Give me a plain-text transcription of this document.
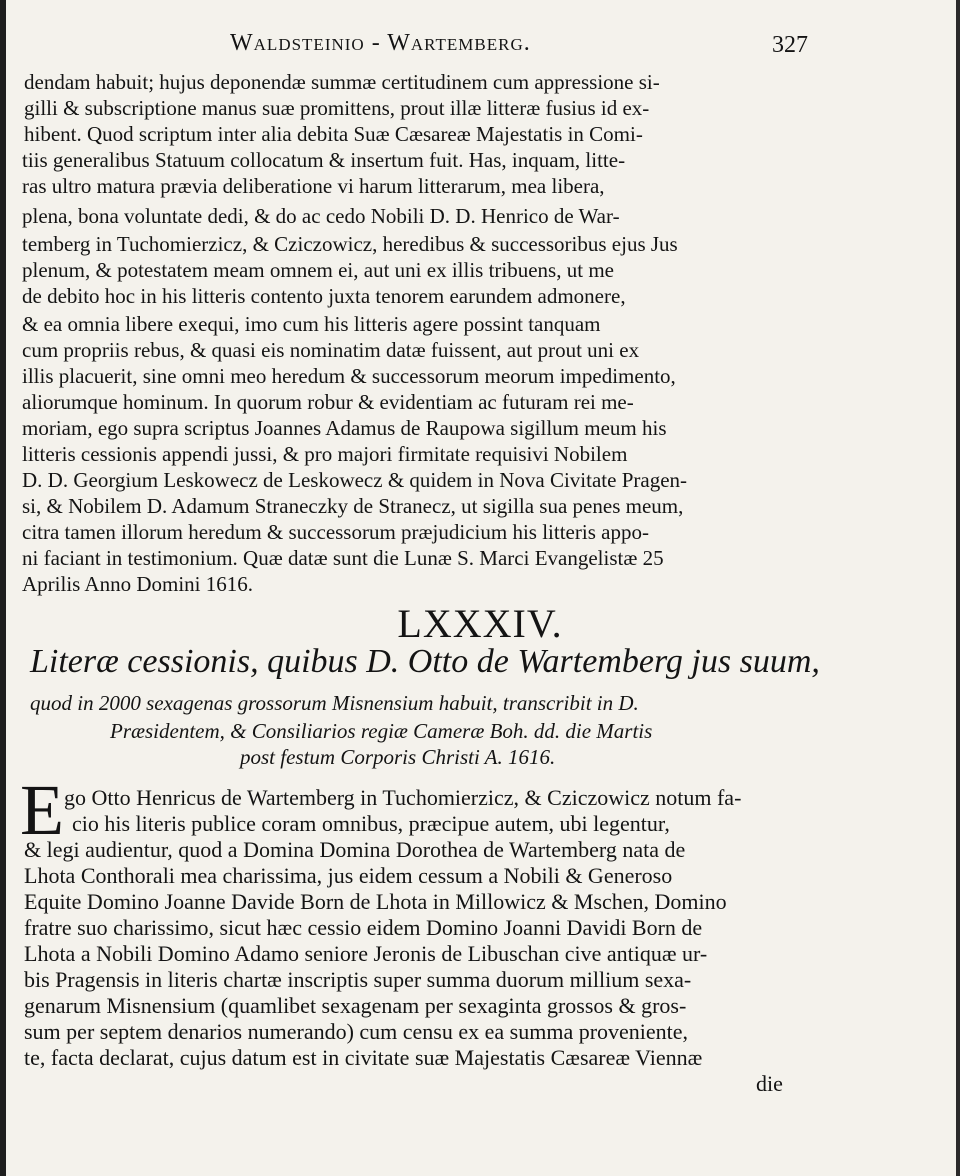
Waldsteinio - Wartemberg.	327
dendam habuit; hujus deponendæ summæ certitudinem cum appressione si-
gilli & subscriptione manus suæ promittens, prout illæ litteræ fusius id ex-
hibent. Quod scriptum inter alia debita Suæ Cæsareæ Majestatis in Comi-
tiis generalibus Statuum collocatum & insertum fuit. Has, inquam, litte-
ras ultro matura prævia deliberatione vi harum litterarum, mea libera,
plena, bona voluntate dedi, & do ac cedo Nobili D. D. Henrico de War-
temberg in Tuchomierzicz, & Cziczowicz, heredibus & successoribus ejus Jus
plenum, & potestatem meam omnem ei, aut uni ex illis tribuens, ut me
de debito hoc in his litteris contento juxta tenorem earundem admonere,
& ea omnia libere exequi, imo cum his litteris agere possint tanquam
cum propriis rebus, & quasi eis nominatim datæ fuissent, aut prout uni ex
illis placuerit, sine omni meo heredum & successorum meorum impedimento,
aliorumque hominum. In quorum robur & evidentiam ac futuram rei me-
moriam, ego supra scriptus Joannes Adamus de Raupowa sigillum meum his
litteris cessionis appendi jussi, & pro majori firmitate requisivi Nobilem
D. D. Georgium Leskowecz de Leskowecz & quidem in Nova Civitate Pragen-
si, & Nobilem D. Adamum Straneczky de Stranecz, ut sigilla sua penes meum,
citra tamen illorum heredum & successorum præjudicium his litteris appo-
ni faciant in testimonium. Quæ datæ sunt die Lunæ S. Marci Evangelistæ 25
Aprilis Anno Domini 1616.
LXXXIV.
Literæ cessionis, quibus D. Otto de Wartemberg jus suum,
quod in 2000 sexagenas grossorum Misnensium habuit, transcribit in D.
Præsidentem, & Consiliarios regiæ Cameræ Boh. dd. die Martis
post festum Corporis Christi A. 1616.
E go Otto Henricus de Wartemberg in Tuchomierzicz, & Cziczowicz notum fa-
cio his literis publice coram omnibus, præcipue autem, ubi legentur,
& legi audientur, quod a Domina Domina Dorothea de Wartemberg nata de
Lhota Conthorali mea charissima, jus eidem cessum a Nobili & Generoso
Equite Domino Joanne Davide Born de Lhota in Millowicz & Mschen, Domino
fratre suo charissimo, sicut hæc cessio eidem Domino Joanni Davidi Born de
Lhota a Nobili Domino Adamo seniore Jeronis de Libuschan cive antiquæ ur-
bis Pragensis in literis chartæ inscriptis super summa duorum millium sexa-
genarum Misnensium (quamlibet sexagenam per sexaginta grossos & gros-
sum per septem denarios numerando) cum censu ex ea summa proveniente,
te, facta declarat, cujus datum est in civitate suæ Majestatis Cæsareæ Viennæ
die
